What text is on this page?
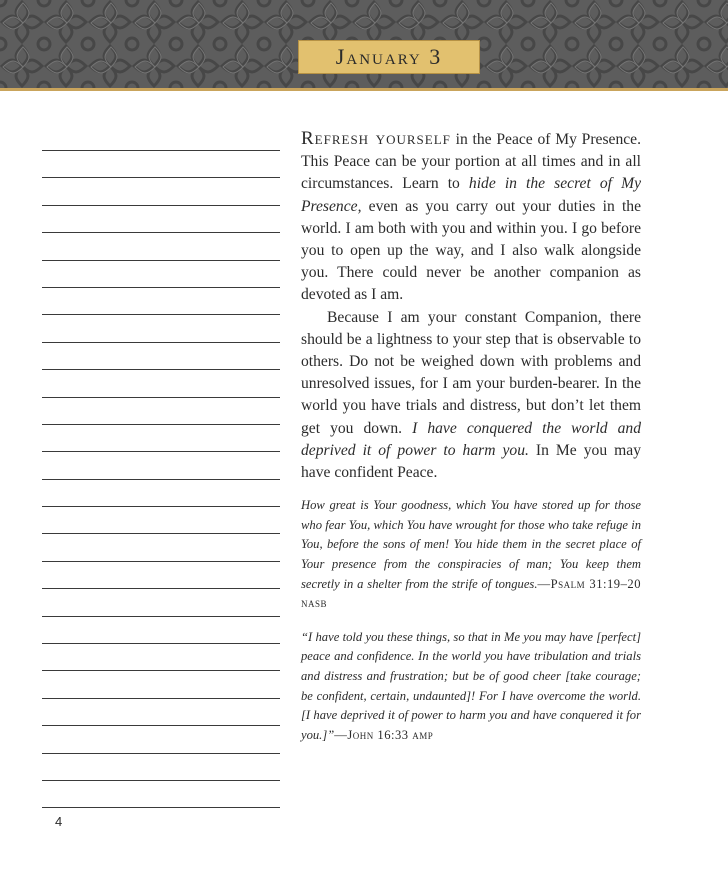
January 3

Refresh yourself in the Peace of My Presence. This Peace can be your portion at all times and in all circumstances. Learn to hide in the secret of My Presence, even as you carry out your duties in the world. I am both with you and within you. I go before you to open up the way, and I also walk alongside you. There could never be another companion as devoted as I am.

Because I am your constant Companion, there should be a lightness to your step that is observable to others. Do not be weighed down with problems and unresolved issues, for I am your burden-bearer. In the world you have trials and distress, but don’t let them get you down. I have conquered the world and deprived it of power to harm you. In Me you may have confident Peace.

How great is Your goodness, which You have stored up for those who fear You, which You have wrought for those who take refuge in You, before the sons of men! You hide them in the secret place of Your presence from the conspiracies of man; You keep them secretly in a shelter from the strife of tongues.—Psalm 31:19–20 nasb

“I have told you these things, so that in Me you may have [perfect] peace and confidence. In the world you have tribulation and trials and distress and frustration; but be of good cheer [take courage; be confident, certain, undaunted]! For I have overcome the world. [I have deprived it of power to harm you and have conquered it for you.]”—John 16:33 amp

4
